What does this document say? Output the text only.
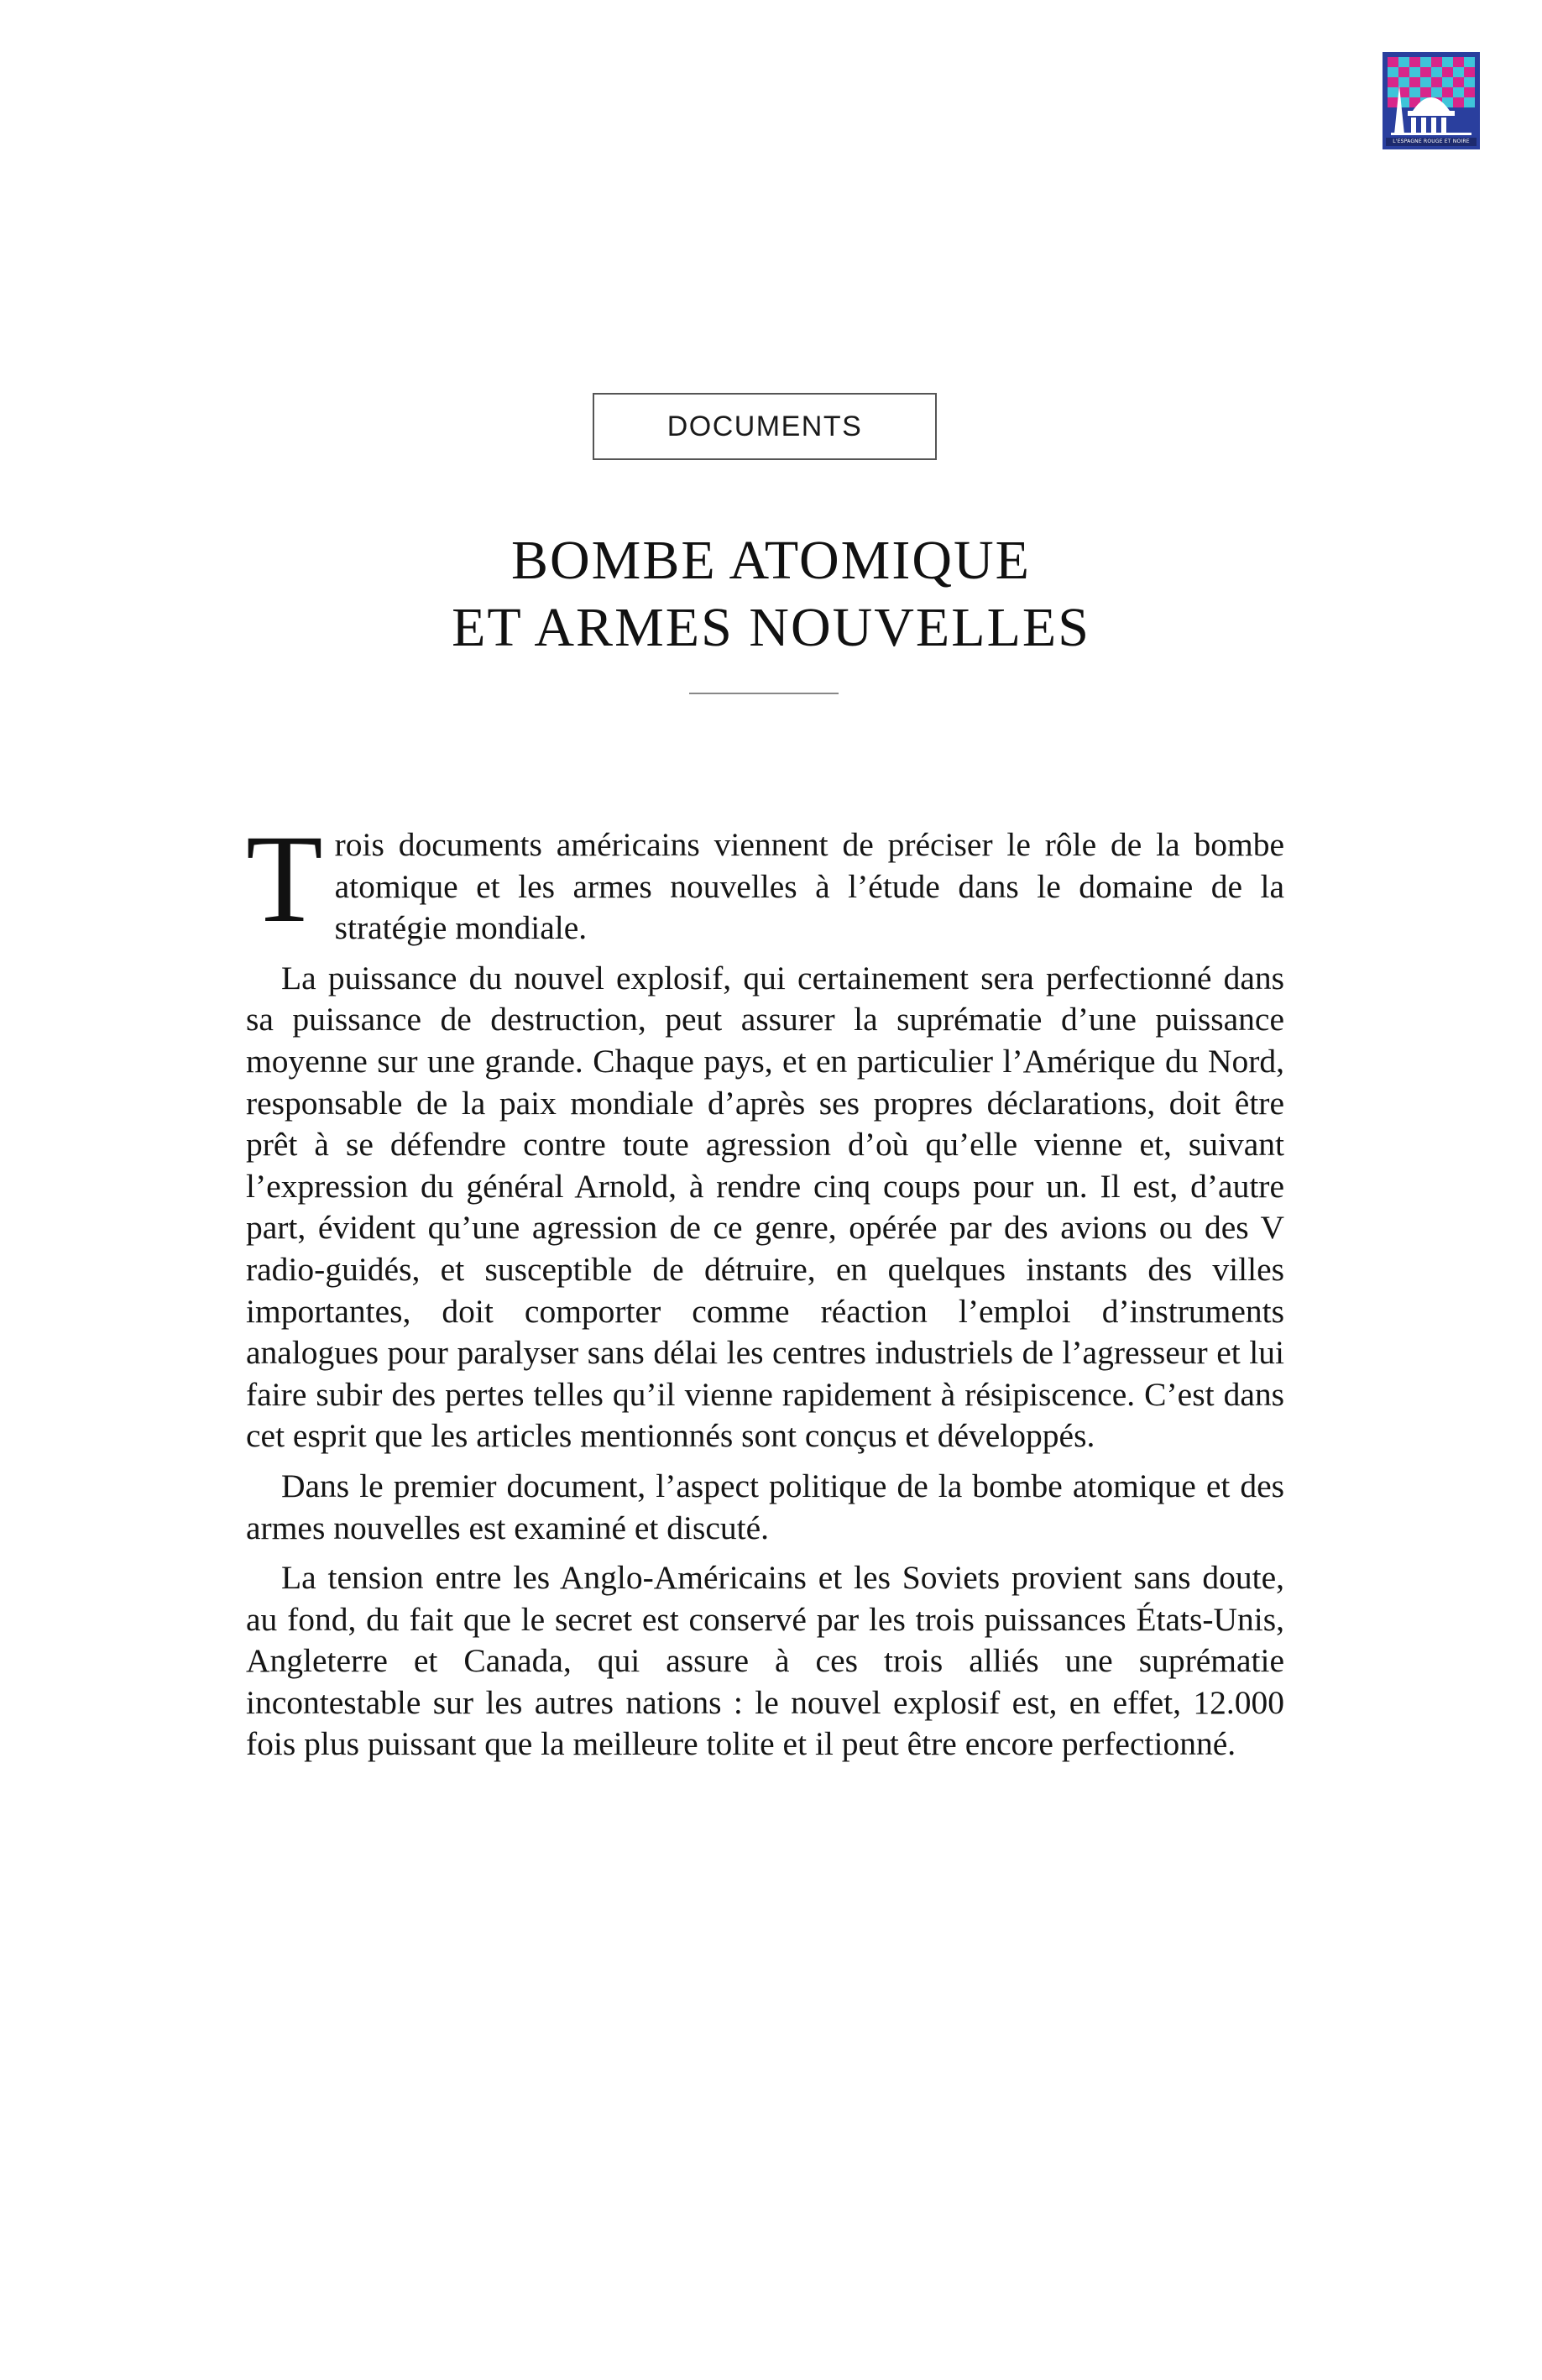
L'ESPAGNE ROUGE ET NOIRE
DOCUMENTS
BOMBE ATOMIQUE
ET ARMES NOUVELLES

Trois documents américains viennent de préciser le rôle de la bombe atomique et les armes nouvelles à l’étude dans le domaine de la stratégie mondiale.

La puissance du nouvel explosif, qui certainement sera perfectionné dans sa puissance de destruction, peut assurer la suprématie d’une puissance moyenne sur une grande. Chaque pays, et en particulier l’Amérique du Nord, responsable de la paix mondiale d’après ses propres déclarations, doit être prêt à se défendre contre toute agression d’où qu’elle vienne et, suivant l’expression du général Arnold, à rendre cinq coups pour un. Il est, d’autre part, évident qu’une agression de ce genre, opérée par des avions ou des V radio-guidés, et susceptible de détruire, en quelques instants des villes importantes, doit comporter comme réaction l’emploi d’instruments analogues pour paralyser sans délai les centres industriels de l’agresseur et lui faire subir des pertes telles qu’il vienne rapidement à résipiscence. C’est dans cet esprit que les articles mentionnés sont conçus et développés.

Dans le premier document, l’aspect politique de la bombe atomique et des armes nouvelles est examiné et discuté.

La tension entre les Anglo-Américains et les Soviets provient sans doute, au fond, du fait que le secret est conservé par les trois puissances États-Unis, Angleterre et Canada, qui assure à ces trois alliés une suprématie incontestable sur les autres nations : le nouvel explosif est, en effet, 12.000 fois plus puissant que la meilleure tolite et il peut être encore perfectionné.
